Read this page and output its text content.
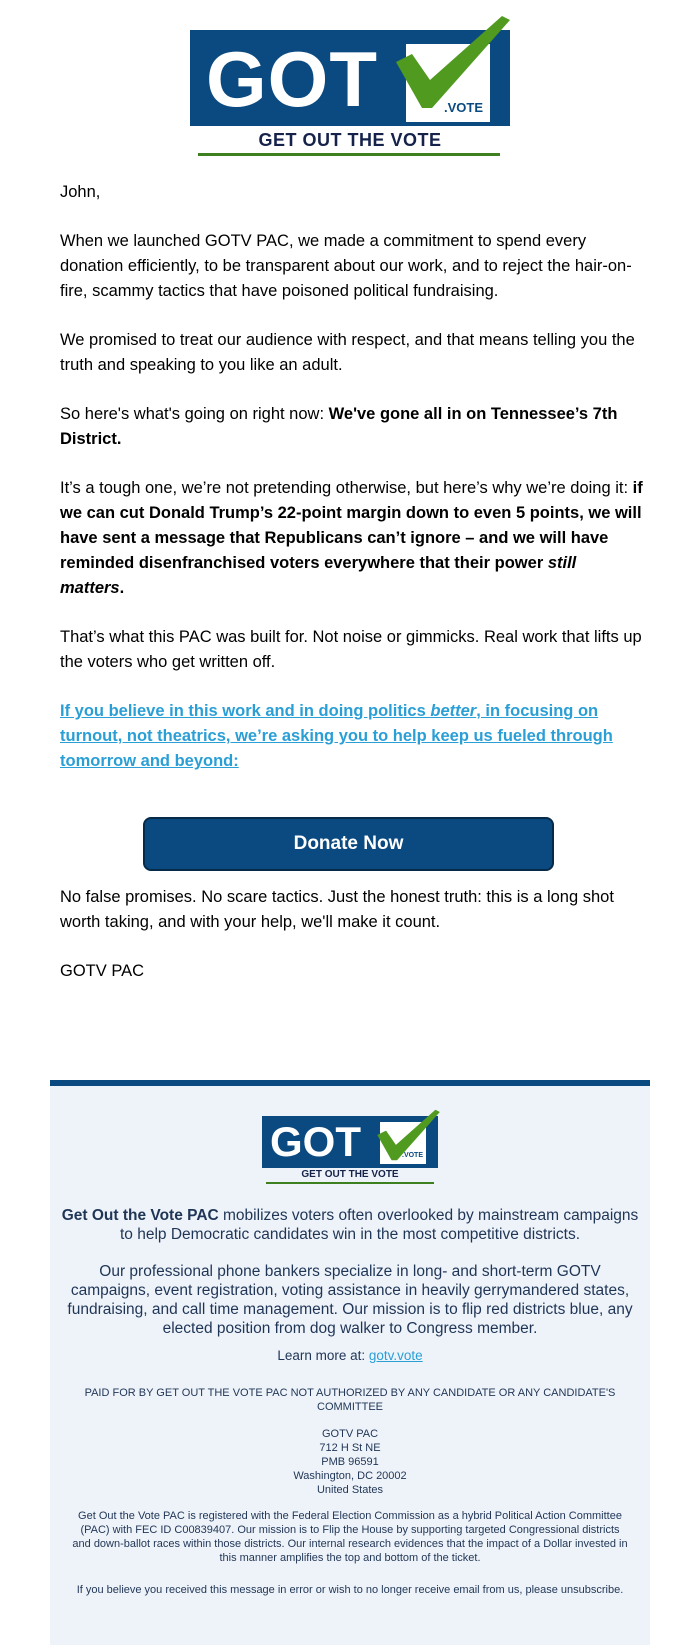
GOT	.VOTE
GET OUT THE VOTE

John,

When we launched GOTV PAC, we made a commitment to spend every donation efficiently, to be transparent about our work, and to reject the hair-on-fire, scammy tactics that have poisoned political fundraising.

We promised to treat our audience with respect, and that means telling you the truth and speaking to you like an adult.

So here's what's going on right now: We've gone all in on Tennessee’s 7th District.

It’s a tough one, we’re not pretending otherwise, but here’s why we’re doing it: if we can cut Donald Trump’s 22-point margin down to even 5 points, we will have sent a message that Republicans can’t ignore – and we will have reminded disenfranchised voters everywhere that their power still matters.

That’s what this PAC was built for. Not noise or gimmicks. Real work that lifts up the voters who get written off.

If you believe in this work and in doing politics better, in focusing on turnout, not theatrics, we’re asking you to help keep us fueled through tomorrow and beyond:

Donate Now

No false promises. No scare tactics. Just the honest truth: this is a long shot worth taking, and with your help, we'll make it count.

GOTV PAC

GOT	.VOTE
GET OUT THE VOTE
Get Out the Vote PAC mobilizes voters often overlooked by mainstream campaigns to help Democratic candidates win in the most competitive districts.
Our professional phone bankers specialize in long- and short-term GOTV campaigns, event registration, voting assistance in heavily gerrymandered states, fundraising, and call time management. Our mission is to flip red districts blue, any elected position from dog walker to Congress member.
Learn more at: gotv.vote
PAID FOR BY GET OUT THE VOTE PAC NOT AUTHORIZED BY ANY CANDIDATE OR ANY CANDIDATE'S COMMITTEE
GOTV PAC
712 H St NE
PMB 96591
Washington, DC 20002
United States
Get Out the Vote PAC is registered with the Federal Election Commission as a hybrid Political Action Committee (PAC) with FEC ID C00839407. Our mission is to Flip the House by supporting targeted Congressional districts and down-ballot races within those districts. Our internal research evidences that the impact of a Dollar invested in this manner amplifies the top and bottom of the ticket.
If you believe you received this message in error or wish to no longer receive email from us, please unsubscribe.
